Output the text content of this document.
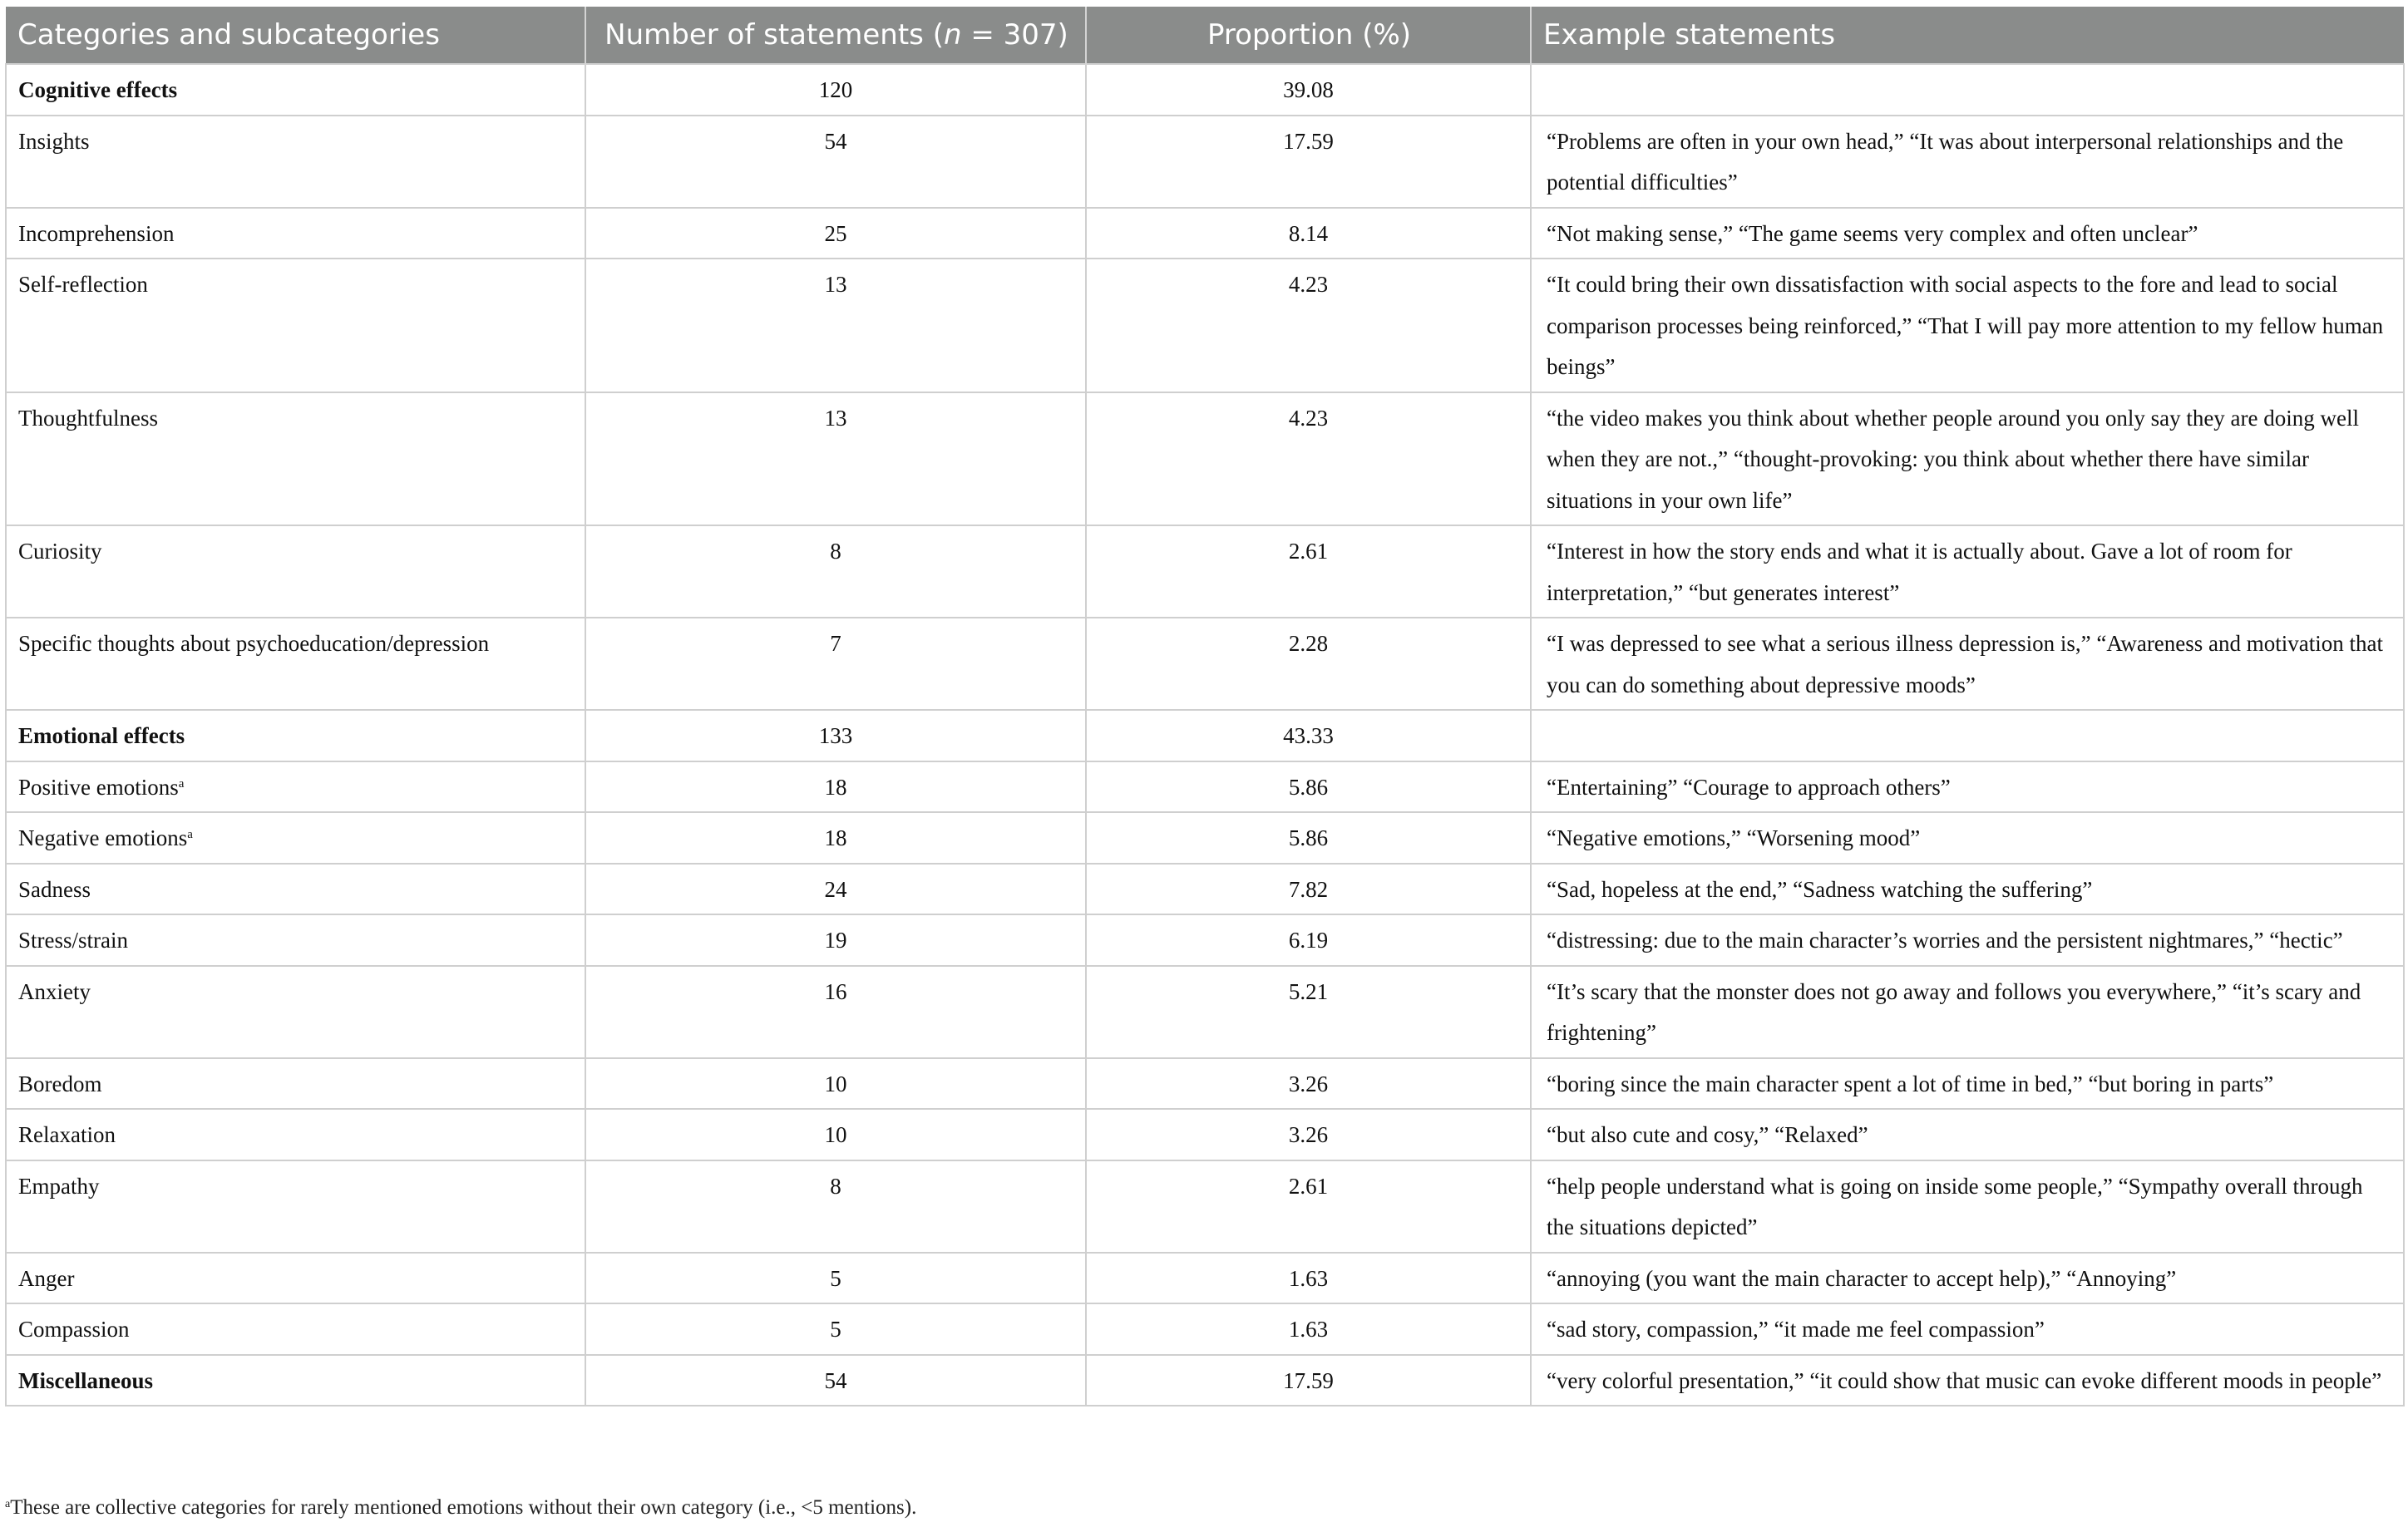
Categories and subcategories	Number of statements (n = 307)	Proportion (%)	Example statements
Cognitive effects	120	39.08	
Insights	54	17.59	“Problems are often in your own head,” “It was about interpersonal relationships and the potential difficulties”
Incomprehension	25	8.14	“Not making sense,” “The game seems very complex and often unclear”
Self-reflection	13	4.23	“It could bring their own dissatisfaction with social aspects to the fore and lead to social comparison processes being reinforced,” “That I will pay more attention to my fellow human beings”
Thoughtfulness	13	4.23	“the video makes you think about whether people around you only say they are doing well when they are not.,” “thought-provoking: you think about whether there have similar situations in your own life”
Curiosity	8	2.61	“Interest in how the story ends and what it is actually about. Gave a lot of room for interpretation,” “but generates interest”
Specific thoughts about psychoeducation/depression	7	2.28	“I was depressed to see what a serious illness depression is,” “Awareness and motivation that you can do something about depressive moods”
Emotional effects	133	43.33	
Positive emotions$^a$	18	5.86	“Entertaining” “Courage to approach others”
Negative emotions$^a$	18	5.86	“Negative emotions,” “Worsening mood”
Sadness	24	7.82	“Sad, hopeless at the end,” “Sadness watching the suffering”
Stress/strain	19	6.19	“distressing: due to the main character’s worries and the persistent nightmares,” “hectic”
Anxiety	16	5.21	“It’s scary that the monster does not go away and follows you everywhere,” “it’s scary and frightening”
Boredom	10	3.26	“boring since the main character spent a lot of time in bed,” “but boring in parts”
Relaxation	10	3.26	“but also cute and cosy,” “Relaxed”
Empathy	8	2.61	“help people understand what is going on inside some people,” “Sympathy overall through the situations depicted”
Anger	5	1.63	“annoying (you want the main character to accept help),” “Annoying”
Compassion	5	1.63	“sad story, compassion,” “it made me feel compassion”
Miscellaneous	54	17.59	“very colorful presentation,” “it could show that music can evoke different moods in people”
$^a$These are collective categories for rarely mentioned emotions without their own category (i.e., <5 mentions).
